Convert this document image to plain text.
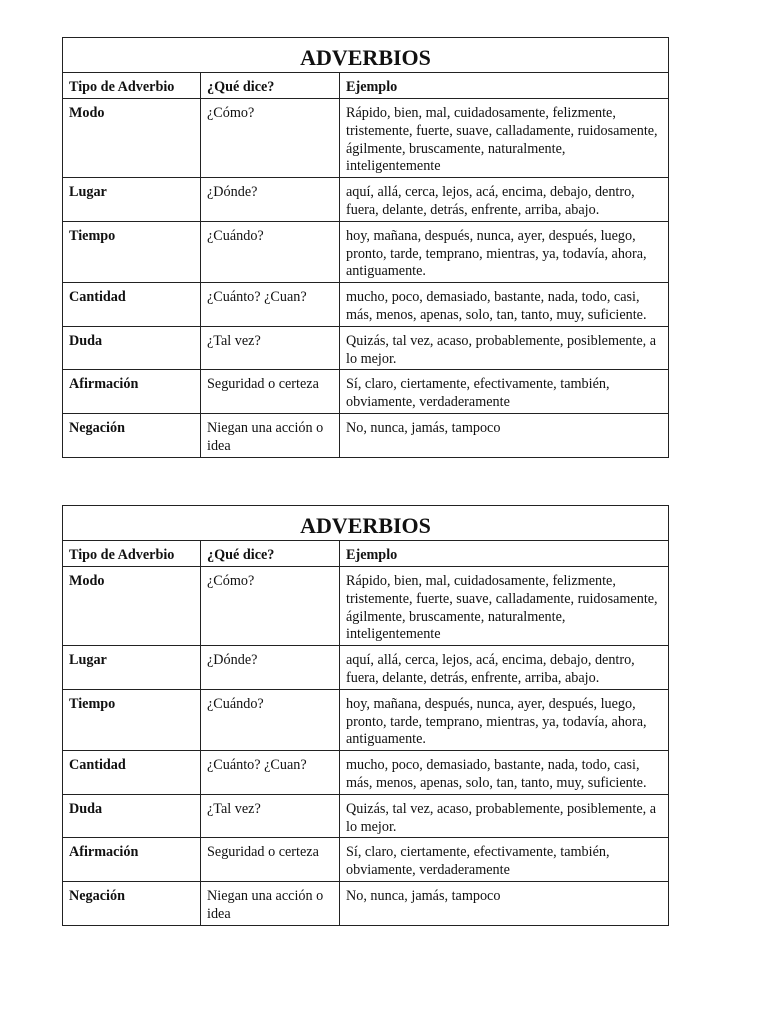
ADVERBIOS		
Tipo de Adverbio	¿Qué dice?	Ejemplo
Modo	¿Cómo?	Rápido, bien, mal, cuidadosamente, felizmente, tristemente, fuerte, suave, calladamente, ruidosamente, ágilmente, bruscamente, naturalmente, inteligentemente
Lugar	¿Dónde?	aquí, allá, cerca, lejos, acá, encima, debajo, dentro, fuera, delante, detrás, enfrente, arriba, abajo.
Tiempo	¿Cuándo?	hoy, mañana, después, nunca, ayer, después, luego, pronto, tarde, temprano, mientras, ya, todavía, ahora, antiguamente.
Cantidad	¿Cuánto? ¿Cuan?	mucho, poco, demasiado, bastante, nada, todo, casi, más, menos, apenas, solo, tan, tanto, muy, suficiente.
Duda	¿Tal vez?	Quizás, tal vez, acaso, probablemente, posiblemente, a lo mejor.
Afirmación	Seguridad o certeza	Sí, claro, ciertamente, efectivamente, también, obviamente, verdaderamente
Negación	Niegan una acción o idea	No, nunca, jamás, tampoco
ADVERBIOS		
Tipo de Adverbio	¿Qué dice?	Ejemplo
Modo	¿Cómo?	Rápido, bien, mal, cuidadosamente, felizmente, tristemente, fuerte, suave, calladamente, ruidosamente, ágilmente, bruscamente, naturalmente, inteligentemente
Lugar	¿Dónde?	aquí, allá, cerca, lejos, acá, encima, debajo, dentro, fuera, delante, detrás, enfrente, arriba, abajo.
Tiempo	¿Cuándo?	hoy, mañana, después, nunca, ayer, después, luego, pronto, tarde, temprano, mientras, ya, todavía, ahora, antiguamente.
Cantidad	¿Cuánto? ¿Cuan?	mucho, poco, demasiado, bastante, nada, todo, casi, más, menos, apenas, solo, tan, tanto, muy, suficiente.
Duda	¿Tal vez?	Quizás, tal vez, acaso, probablemente, posiblemente, a lo mejor.
Afirmación	Seguridad o certeza	Sí, claro, ciertamente, efectivamente, también, obviamente, verdaderamente
Negación	Niegan una acción o idea	No, nunca, jamás, tampoco
